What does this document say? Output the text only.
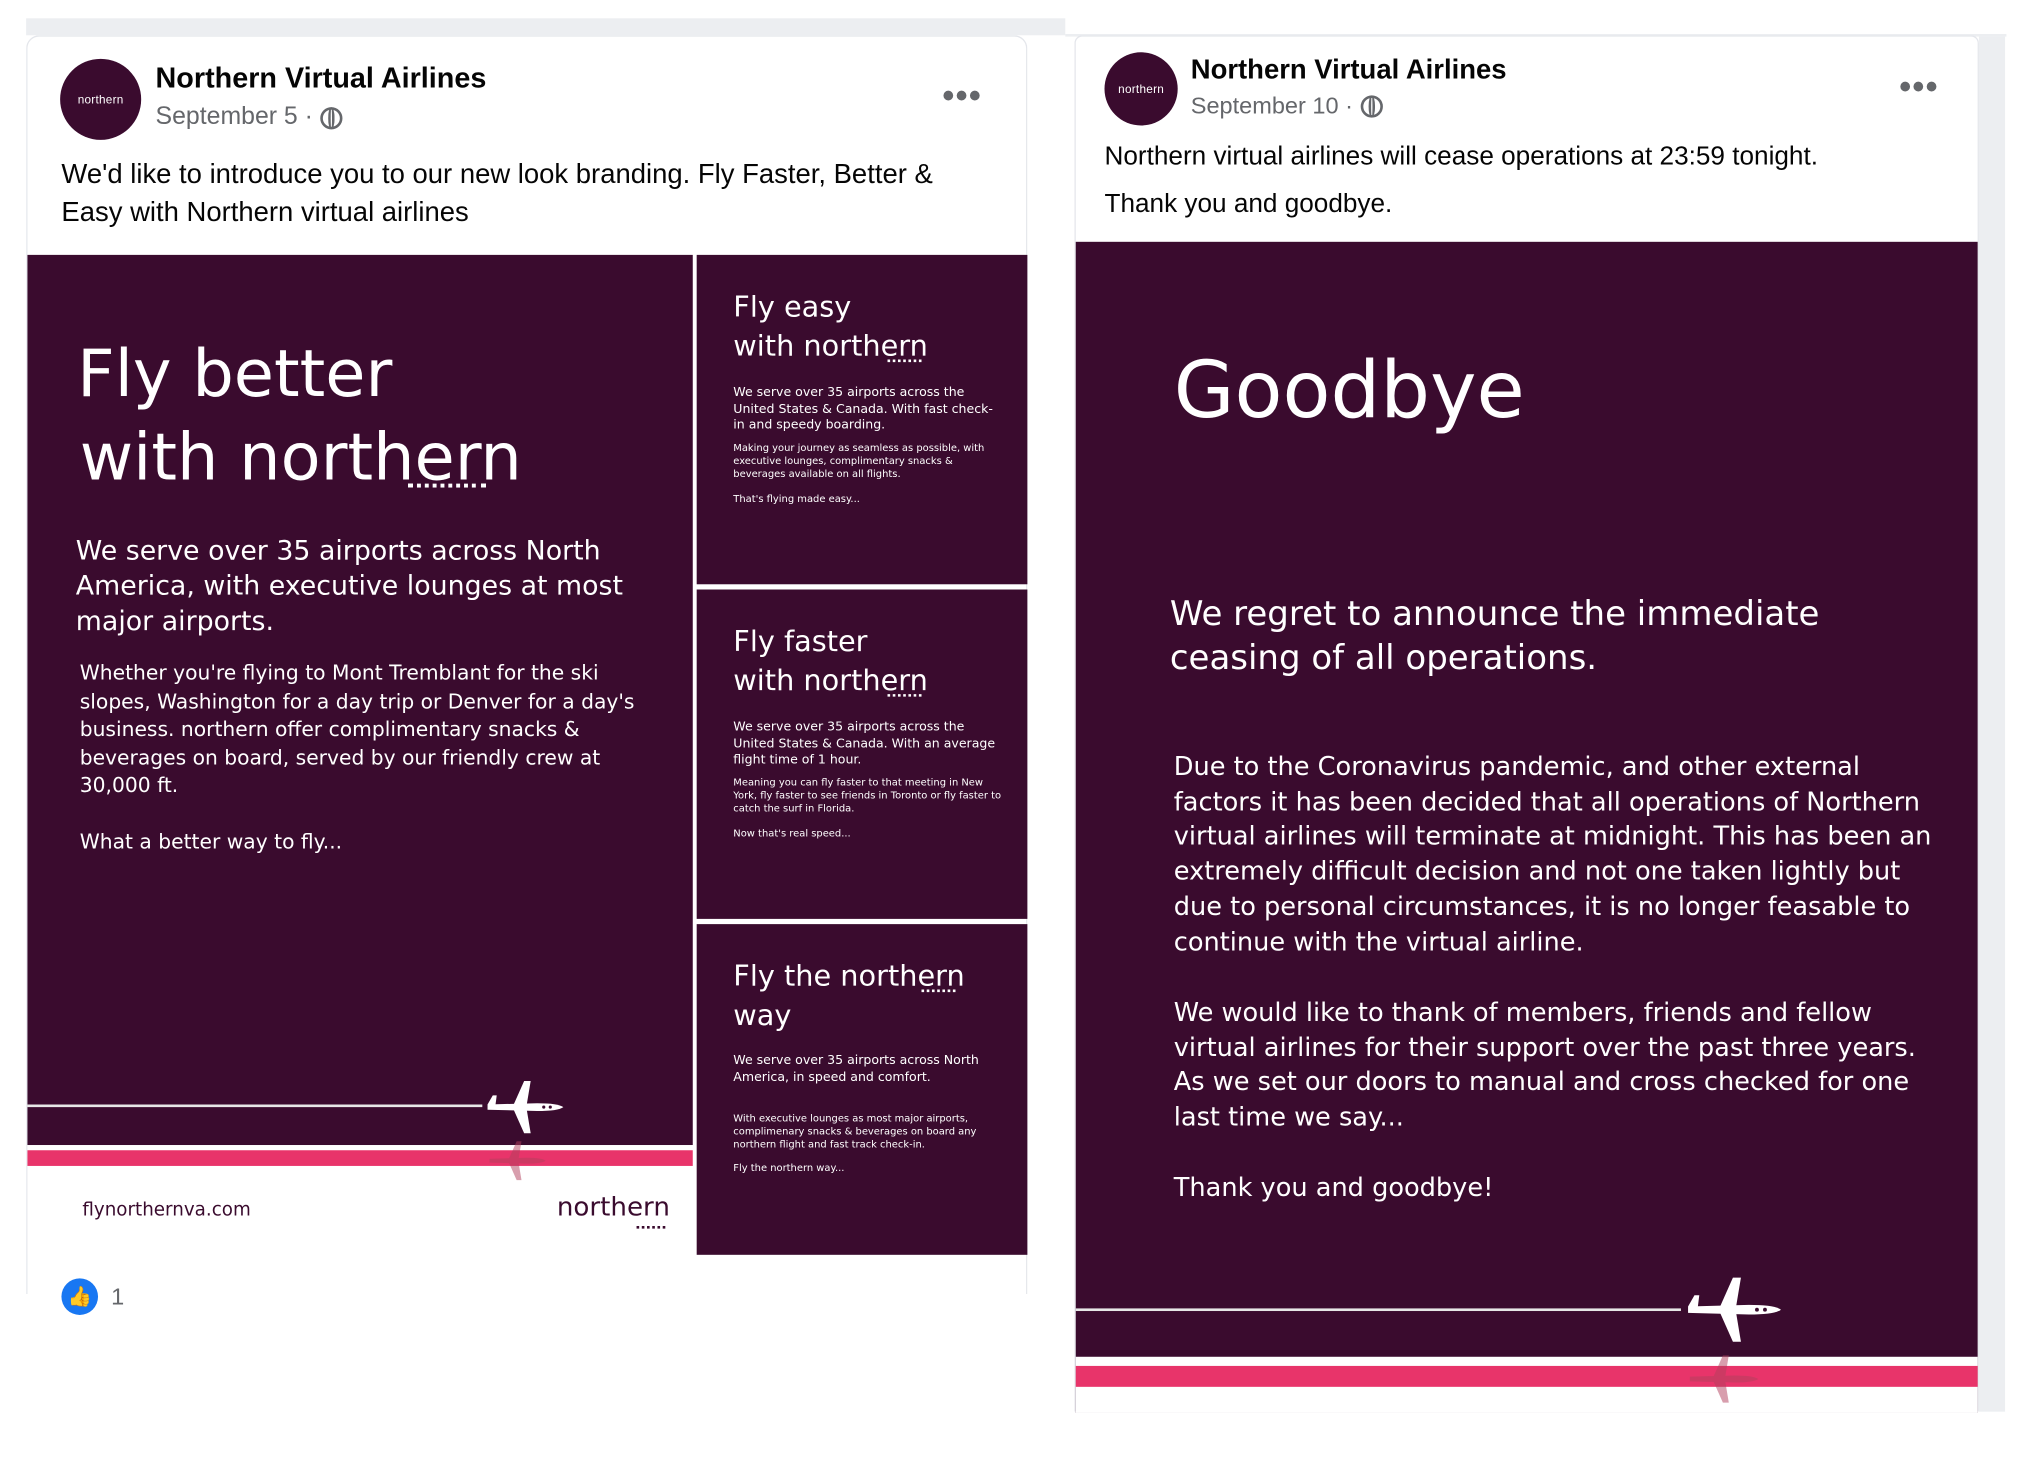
northern
Northern Virtual Airlines
September 5 ·
•••
We'd like to introduce you to our new look branding. Fly Faster, Better & Easy with Northern virtual airlines
Fly better
with northern
We serve over 35 airports across North America, with executive lounges at most major airports.
Whether you're flying to Mont Tremblant for the ski slopes, Washington for a day trip or Denver for a day's business. northern offer complimentary snacks & beverages on board, served by our friendly crew at 30,000 ft.
What a better way to fly...
flynorthernva.com	northern
Fly easy
with northern
We serve over 35 airports across the United States & Canada. With fast check-in and speedy boarding.
Making your journey as seamless as possible, with executive lounges, complimentary snacks & beverages available on all flights.
That's flying made easy...
Fly faster
with northern
We serve over 35 airports across the United States & Canada. With an average flight time of 1 hour.
Meaning you can fly faster to that meeting in New York, fly faster to see friends in Toronto or fly faster to catch the surf in Florida.
Now that's real speed...
Fly the northern
way
We serve over 35 airports across North America, in speed and comfort.
With executive lounges as most major airports, complimenary snacks & beverages on board any northern flight and fast track check-in.
Fly the northern way...
👍	1
northern
Northern Virtual Airlines
September 10 ·	•••
Northern virtual airlines will cease operations at 23:59 tonight.
Thank you and goodbye.
Goodbye
We regret to announce the immediate ceasing of all operations.
Due to the Coronavirus pandemic, and other external factors it has been decided that all operations of Northern virtual airlines will terminate at midnight. This has been an extremely difficult decision and not one taken lightly but due to personal circumstances, it is no longer feasable to continue with the virtual airline.
We would like to thank of members, friends and fellow virtual airlines for their support over the past three years. As we set our doors to manual and cross checked for one last time we say...
Thank you and goodbye!
